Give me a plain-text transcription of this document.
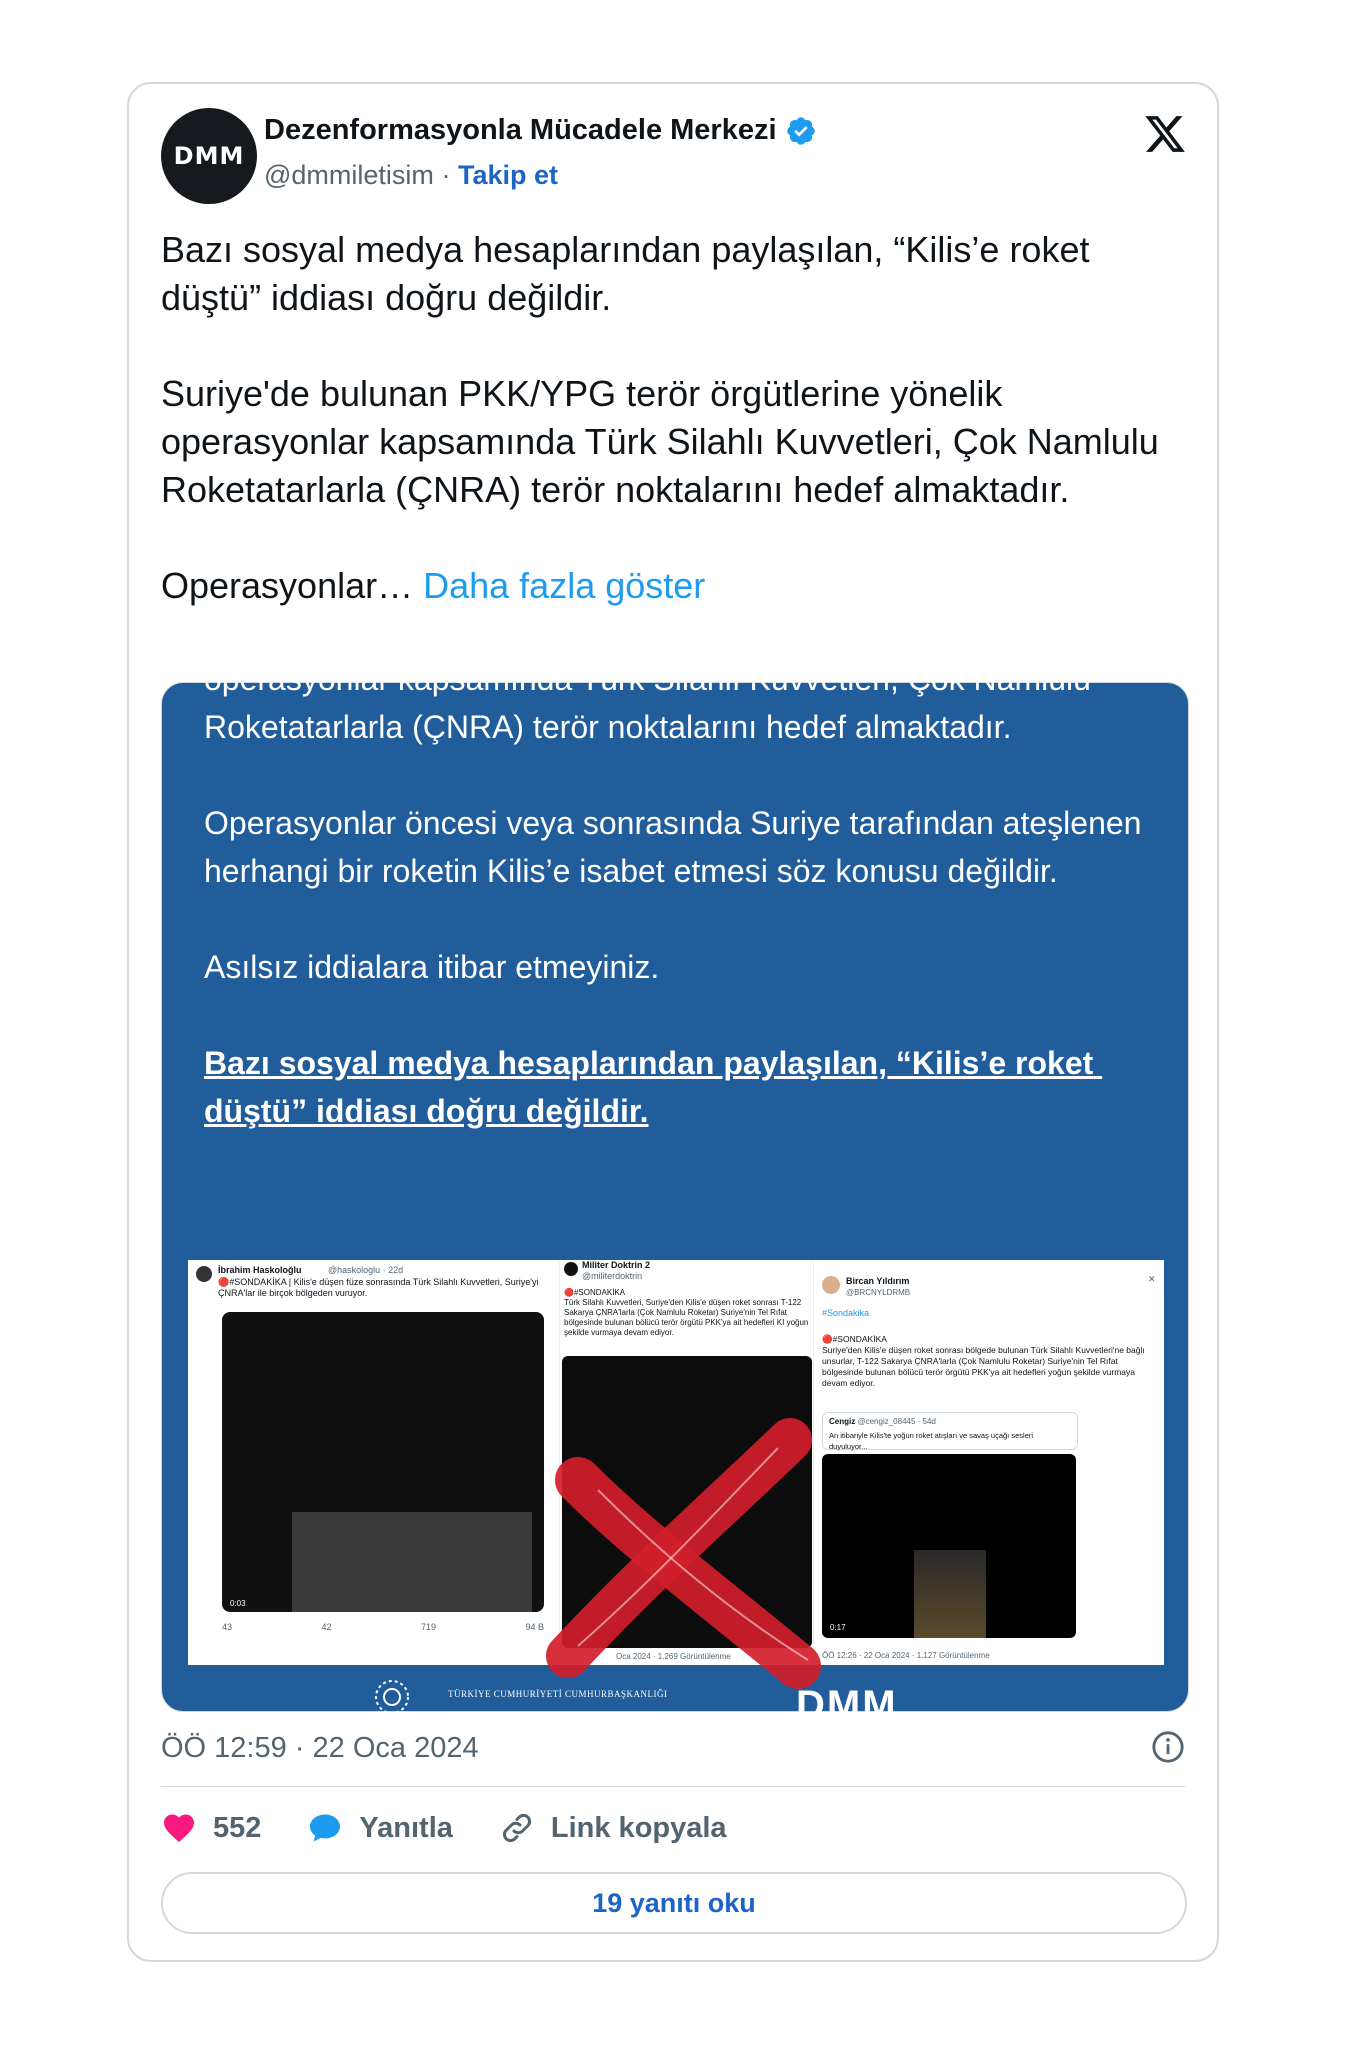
DMM
Dezenformasyonla Mücadele Merkezi
@dmmiletisim · Takip et
Bazı sosyal medya hesaplarından paylaşılan, “Kilis’e roket düştü” iddiası doğru değildir.

Suriye'de bulunan PKK/YPG terör örgütlerine yönelik operasyonlar kapsamında Türk Silahlı Kuvvetleri, Çok Namlulu Roketatarlarla (ÇNRA) terör noktalarını hedef almaktadır.

Operasyonlar… Daha fazla göster
operasyonlar kapsamında Türk Silahlı Kuvvetleri, Çok Namlulu
Roketatarlarla (ÇNRA) terör noktalarını hedef almaktadır.

Operasyonlar öncesi veya sonrasında Suriye tarafından ateşlenen herhangi bir roketin Kilis’e isabet etmesi söz konusu değildir.

Asılsız iddialara itibar etmeyiniz.

Bazı sosyal medya hesaplarından paylaşılan, “Kilis’e roket düştü” iddiası doğru değildir.
İbrahim Haskoloğlu	@haskologlu · 22d
🔴#SONDAKİKA | Kilis'e düşen füze sonrasında Türk Silahlı Kuvvetleri, Suriye'yi ÇNRA'lar ile birçok bölgeden vuruyor.
0:03
43	42	719	94 B
Militer Doktrin 2
@militerdoktrin
🔴#SONDAKİKA
Türk Silahlı Kuvvetleri, Suriye'den Kilis'e düşen roket sonrası T-122 Sakarya ÇNRA'larla (Çok Namlulu Roketar) Suriye'nin Tel Rıfat bölgesinde bulunan bölücü terör örgütü PKK'ya ait hedefleri KI yoğun şekilde vurmaya devam ediyor.
Oca 2024 · 1.269 Görüntülenme
Bircan Yıldırım
@BRCNYLDRMB
✕
#Sondakika
🔴#SONDAKİKA
Suriye'den Kilis'e düşen roket sonrası bölgede bulunan Türk Silahlı Kuvvetleri'ne bağlı unsurlar, T-122 Sakarya ÇNRA'larla (Çok Namlulu Roketar) Suriye'nin Tel Rıfat bölgesinde bulunan bölücü terör örgütü PKK'ya ait hedefleri yoğun şekilde vurmaya devam ediyor.
Cengiz @cengiz_08445 · 54d
An itibariyle Kilis'te yoğun roket atışları ve savaş uçağı sesleri duyuluyor...
0:17
ÖÖ 12:26 · 22 Oca 2024 · 1.127 Görüntülenme
TÜRKİYE CUMHURİYETİ CUMHURBAŞKANLIĞI	DMM
ÖÖ 12:59 · 22 Oca 2024
552	Yanıtla	Link kopyala
19 yanıtı oku
